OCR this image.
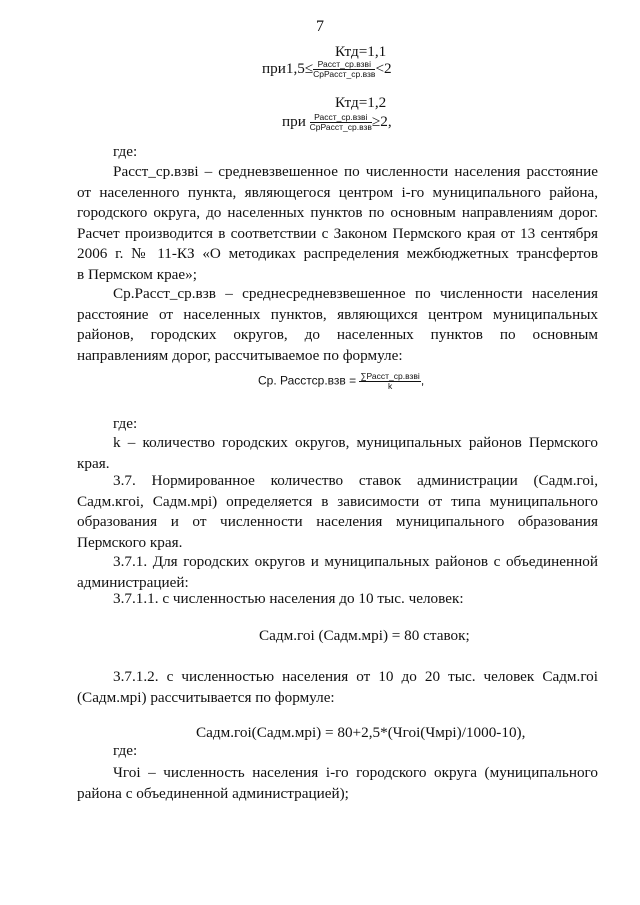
7
Ктд=1,1
$при1,5\le \frac{\text{Расст\_ср.взвi}}{\text{СрРасст\_ср.взв}} <2$
Ктд=1,2
при $\frac{\text{Расст\_ср.взвi}}{\text{СрРасст\_ср.взв}} \ge 2$,
где:
Расст_ср.взвi – средневзвешенное по численности населения расстояние
от населенного пункта, являющегося центром i-го муниципального района,
городского округа, до населенных пунктов по основным направлениям дорог.
Расчет производится в соответствии с Законом Пермского края от 13 сентября
2006 г. № 11-КЗ «О методиках распределения межбюджетных трансфертов
в Пермском крае»;
Ср.Расст_ср.взв – среднесредневзвешенное по численности населения
расстояние от населенных пунктов, являющихся центром муниципальных
районов, городских округов, до населенных пунктов по основным
направлениям дорог, рассчитываемое по формуле:
Ср. Расстср.взв = $\frac{\text{∑Расст\_ср.взвi}}{k}$ ,
где:
k – количество городских округов, муниципальных районов Пермского
края.
3.7. Нормированное количество ставок администрации (Садм.гоi,
Садм.кгоi, Садм.мрi) определяется в зависимости от типа муниципального
образования и от численности населения муниципального образования
Пермского края.
3.7.1. Для городских округов и муниципальных районов с объединенной
администрацией:
3.7.1.1. с численностью населения до 10 тыс. человек:
Садм.гоi (Садм.мрi) = 80 ставок;
3.7.1.2. с численностью населения от 10 до 20 тыс. человек Садм.гоi
(Садм.мрi) рассчитывается по формуле:
Садм.гоi(Садм.мрi) = 80+2,5*(Чгоi(Чмрi)/1000-10),
где:
Чгоi – численность населения i-го городского округа (муниципального
района с объединенной администрацией);
